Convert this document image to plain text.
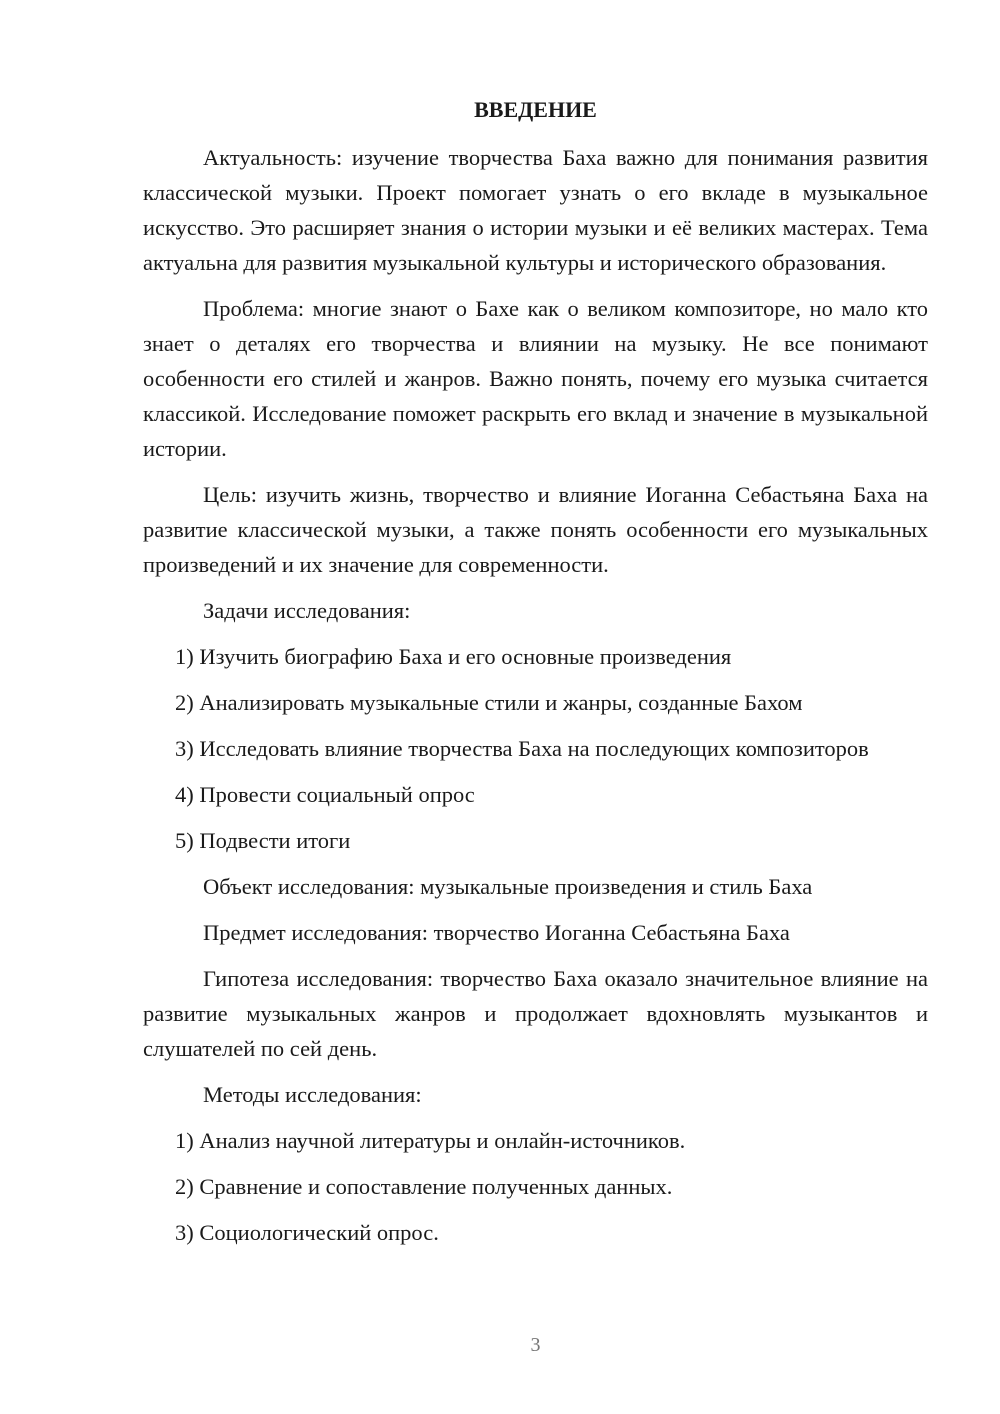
ВВЕДЕНИЕ

Актуальность: изучение творчества Баха важно для понимания развития классической музыки. Проект помогает узнать о его вкладе в музыкальное искусство. Это расширяет знания о истории музыки и её великих мастерах. Тема актуальна для развития музыкальной культуры и исторического образования.

Проблема: многие знают о Бахе как о великом композиторе, но мало кто знает о деталях его творчества и влиянии на музыку. Не все понимают особенности его стилей и жанров. Важно понять, почему его музыка считается классикой. Исследование поможет раскрыть его вклад и значение в музыкальной истории.

Цель: изучить жизнь, творчество и влияние Иоганна Себастьяна Баха на развитие классической музыки, а также понять особенности его музыкальных произведений и их значение для современности.

Задачи исследования:

1) Изучить биографию Баха и его основные произведения

2) Анализировать музыкальные стили и жанры, созданные Бахом

3) Исследовать влияние творчества Баха на последующих композиторов

4) Провести социальный опрос

5) Подвести итоги

Объект исследования: музыкальные произведения и стиль Баха

Предмет исследования: творчество Иоганна Себастьяна Баха

Гипотеза исследования: творчество Баха оказало значительное влияние на развитие музыкальных жанров и продолжает вдохновлять музыкантов и слушателей по сей день.

Методы исследования:

1) Анализ научной литературы и онлайн-источников.

2) Сравнение и сопоставление полученных данных.

3) Социологический опрос.

3
